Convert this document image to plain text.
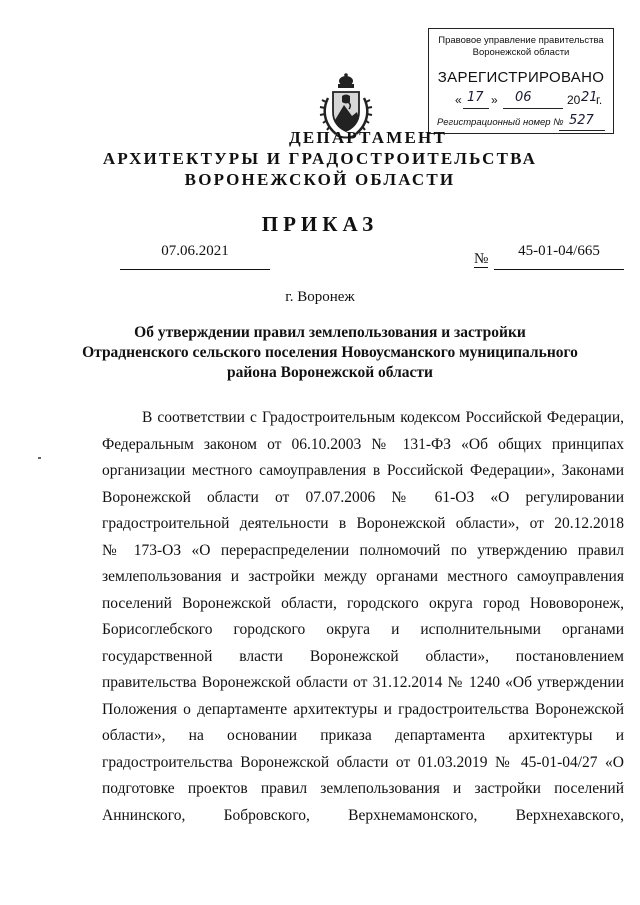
Правовое управление правительства
Воронежской области
ЗАРЕГИСТРИРОВАНО
« 17 » 06	20 21
г.
Регистрационный номер № 527
ДЕПАРТАМЕНТ
АРХИТЕКТУРЫ И ГРАДОСТРОИТЕЛЬСТВА
ВОРОНЕЖСКОЙ ОБЛАСТИ
ПРИКАЗ
07.06.2021	№	45-01-04/665
г. Воронеж
Об утверждении правил землепользования и застройки
Отрадненского сельского поселения Новоусманского муниципального
района Воронежской области
В соответствии с Градостроительным кодексом Российской Федерации,
Федеральным законом от 06.10.2003 № 131-ФЗ «Об общих принципах
организации местного самоуправления в Российской Федерации», Законами
Воронежской области от 07.07.2006 № 61-ОЗ «О регулировании
градостроительной деятельности в Воронежской области», от 20.12.2018
№ 173-ОЗ «О перераспределении полномочий по утверждению правил
землепользования и застройки между органами местного самоуправления
поселений Воронежской области, городского округа город Нововоронеж,
Борисоглебского городского округа и исполнительными органами
государственной власти Воронежской области», постановлением
правительства Воронежской области от 31.12.2014 № 1240 «Об утверждении
Положения о департаменте архитектуры и градостроительства Воронежской
области», на основании приказа департамента архитектуры и
градостроительства Воронежской области от 01.03.2019 № 45-01-04/27 «О
подготовке проектов правил землепользования и застройки поселений
Аннинского, Бобровского, Верхнемамонского, Верхнехавского,
